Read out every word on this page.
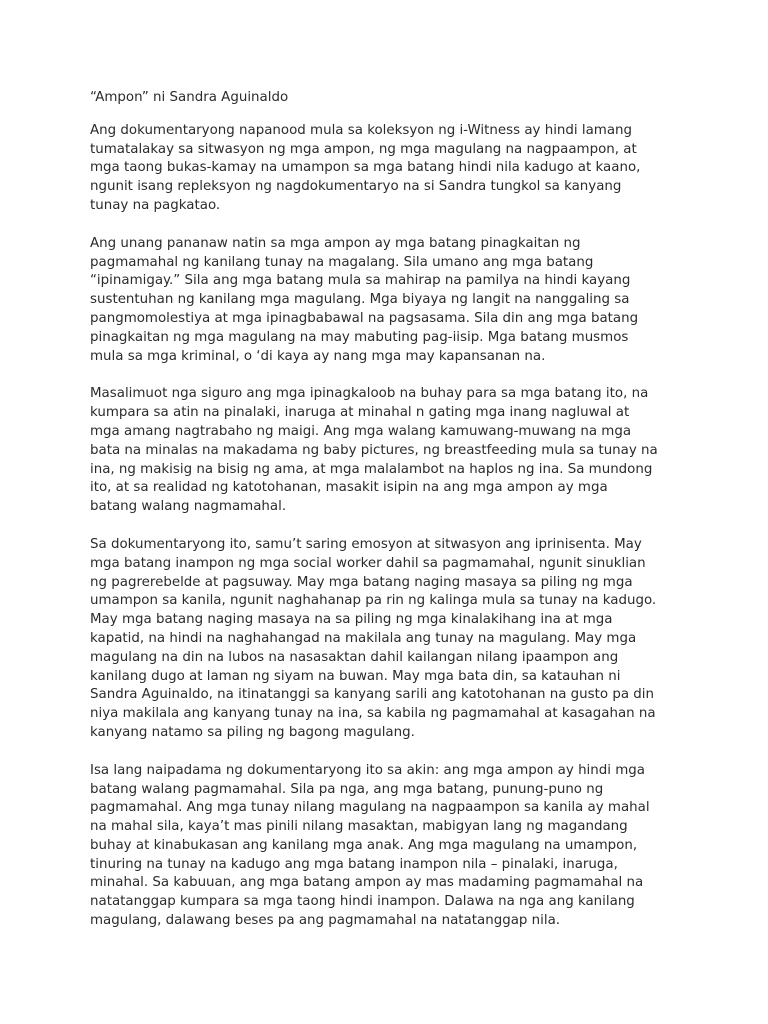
“Ampon” ni Sandra Aguinaldo
Ang dokumentaryong napanood mula sa koleksyon ng i-Witness ay hindi lamang
tumatalakay sa sitwasyon ng mga ampon, ng mga magulang na nagpaampon, at
mga taong bukas-kamay na umampon sa mga batang hindi nila kadugo at kaano,
ngunit isang repleksyon ng nagdokumentaryo na si Sandra tungkol sa kanyang
tunay na pagkatao.
Ang unang pananaw natin sa mga ampon ay mga batang pinagkaitan ng
pagmamahal ng kanilang tunay na magalang. Sila umano ang mga batang
“ipinamigay.” Sila ang mga batang mula sa mahirap na pamilya na hindi kayang
sustentuhan ng kanilang mga magulang. Mga biyaya ng langit na nanggaling sa
pangmomolestiya at mga ipinagbabawal na pagsasama. Sila din ang mga batang
pinagkaitan ng mga magulang na may mabuting pag-iisip. Mga batang musmos
mula sa mga kriminal, o ‘di kaya ay nang mga may kapansanan na.
Masalimuot nga siguro ang mga ipinagkaloob na buhay para sa mga batang ito, na
kumpara sa atin na pinalaki, inaruga at minahal n gating mga inang nagluwal at
mga amang nagtrabaho ng maigi. Ang mga walang kamuwang-muwang na mga
bata na minalas na makadama ng baby pictures, ng breastfeeding mula sa tunay na
ina, ng makisig na bisig ng ama, at mga malalambot na haplos ng ina. Sa mundong
ito, at sa realidad ng katotohanan, masakit isipin na ang mga ampon ay mga
batang walang nagmamahal.
Sa dokumentaryong ito, samu’t saring emosyon at sitwasyon ang iprinisenta. May
mga batang inampon ng mga social worker dahil sa pagmamahal, ngunit sinuklian
ng pagrerebelde at pagsuway. May mga batang naging masaya sa piling ng mga
umampon sa kanila, ngunit naghahanap pa rin ng kalinga mula sa tunay na kadugo.
May mga batang naging masaya na sa piling ng mga kinalakihang ina at mga
kapatid, na hindi na naghahangad na makilala ang tunay na magulang. May mga
magulang na din na lubos na nasasaktan dahil kailangan nilang ipaampon ang
kanilang dugo at laman ng siyam na buwan. May mga bata din, sa katauhan ni
Sandra Aguinaldo, na itinatanggi sa kanyang sarili ang katotohanan na gusto pa din
niya makilala ang kanyang tunay na ina, sa kabila ng pagmamahal at kasagahan na
kanyang natamo sa piling ng bagong magulang.
Isa lang naipadama ng dokumentaryong ito sa akin: ang mga ampon ay hindi mga
batang walang pagmamahal. Sila pa nga, ang mga batang, punung-puno ng
pagmamahal. Ang mga tunay nilang magulang na nagpaampon sa kanila ay mahal
na mahal sila, kaya’t mas pinili nilang masaktan, mabigyan lang ng magandang
buhay at kinabukasan ang kanilang mga anak. Ang mga magulang na umampon,
tinuring na tunay na kadugo ang mga batang inampon nila – pinalaki, inaruga,
minahal. Sa kabuuan, ang mga batang ampon ay mas madaming pagmamahal na
natatanggap kumpara sa mga taong hindi inampon. Dalawa na nga ang kanilang
magulang, dalawang beses pa ang pagmamahal na natatanggap nila.
